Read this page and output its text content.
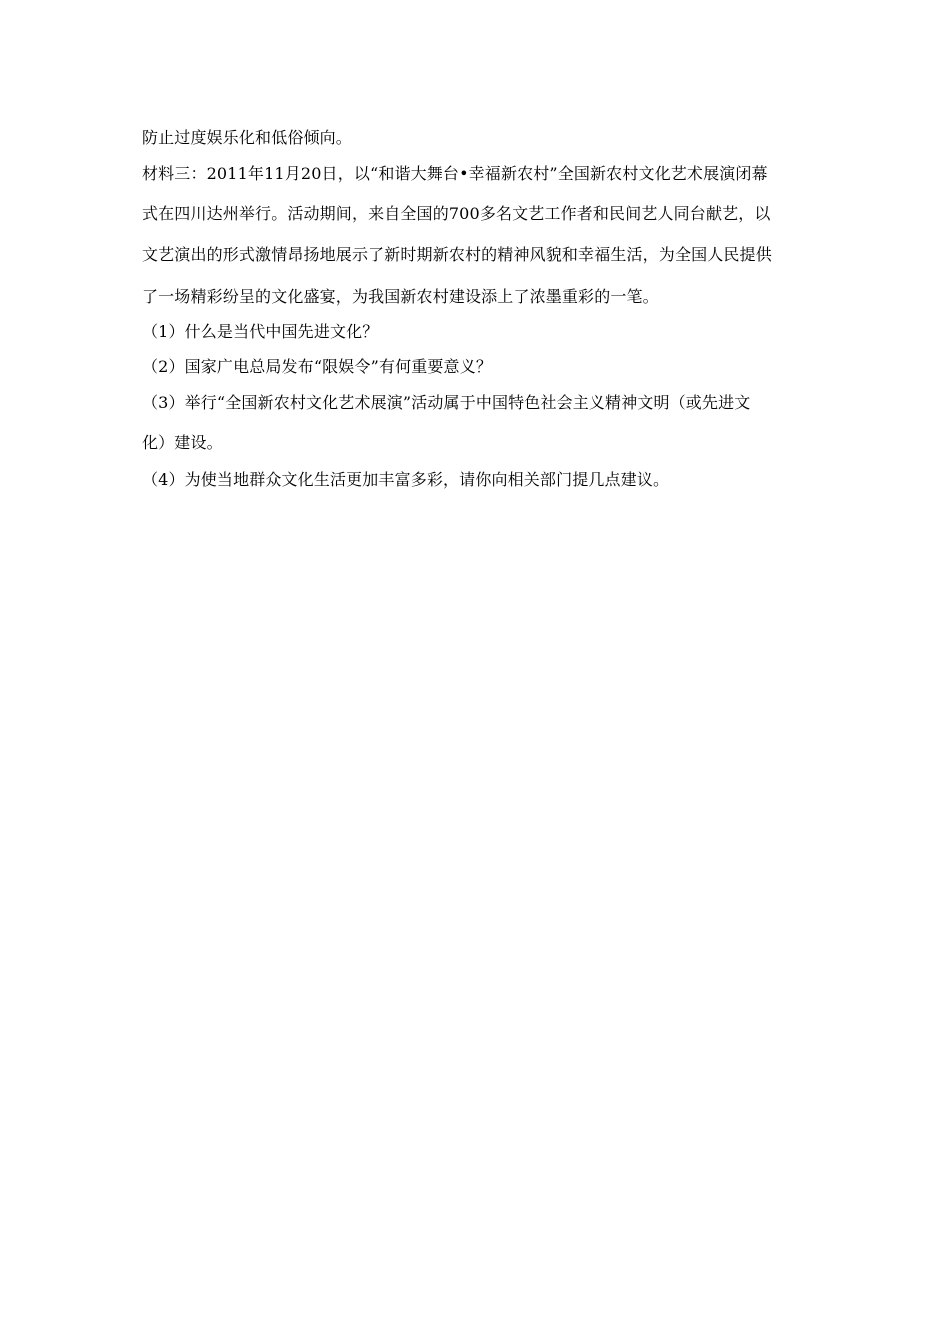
防止过度娱乐化和低俗倾向。
材料三：2011年11月20日，以“和谐大舞台•幸福新农村”全国新农村文化艺术展演闭幕
式在四川达州举行。活动期间，来自全国的700多名文艺工作者和民间艺人同台献艺，以
文艺演出的形式激情昂扬地展示了新时期新农村的精神风貌和幸福生活，为全国人民提供
了一场精彩纷呈的文化盛宴，为我国新农村建设添上了浓墨重彩的一笔。
（1）什么是当代中国先进文化？
（2）国家广电总局发布“限娱令”有何重要意义？
（3）举行“全国新农村文化艺术展演”活动属于中国特色社会主义精神文明（或先进文
化）建设。
（4）为使当地群众文化生活更加丰富多彩，请你向相关部门提几点建议。
